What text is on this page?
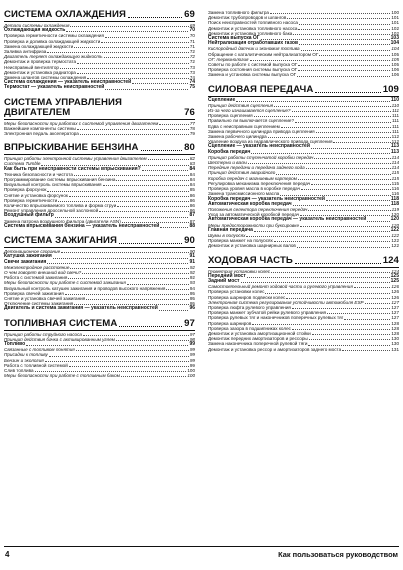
СИСТЕМА ОХЛАЖДЕНИЯ	69
Детали системы охлаждения	69
Охлаждающая жидкость	70
Проверка герметичности системы охлаждения	70
Проверка и доливка охлаждающей жидкости	71
Замена охлаждающей жидкости	71
Заливка антифриза	72
Двигатель теряет охлаждающую жидкость	72
Демонтаж и проверка термостата	72
Неисправный вентилятор	73
Демонтаж и установка радиатора	73
Замена шлангов системы охлаждения	74
Система охлаждения — указатель неисправностей	74
Термостат — указатель неисправностей	75
СИСТЕМА УПРАВЛЕНИЯ ДВИГАТЕЛЕМ	76
Меры безопасности при работах с системой управления двигателем	77
Важнейшие компоненты системы	78
Электронная педаль акселератора	79
ВПРЫСКИВАНИЕ БЕНЗИНА	80
Принцип работы электронной системы управления двигателем	82
Система Tumble	83
Как быть при неисправности системы впрыскивания?	84
Техника безопасности и чистота	84
Программирование системы впрыскивания бензина	84
Визуальный контроль системы впрыскивания	84
Проверка форсунок	85
Снятие и установка форсунок	86
Проверка герметичности	86
Количество впрыскиваемого топлива и форма струи	86
Ремонт управления дроссельной заслонкой	86
Воздушный фильтр	87
Замена патрона воздушного фильтра (двигатели ASN)	87
Система впрыскивания бензина — указатель неисправностей	88
СИСТЕМА ЗАЖИГАНИЯ	90
Детонационное сгорание	90
Катушка зажигания	91
Свечи зажигания	91
Межэлектродное расстояние	92
О чем говорят внешний вид свечи?	92
Работа с системой зажигания	92
Меры безопасности при работе с системой зажигания	93
Визуальный контроль катушек зажигания и проводов высокого напряжения	94
Проверка свечей зажигания	95
Снятие и установка свечей зажигания	95
Отключение системы зажигания	95
Двигатель и система зажигания — указатель неисправностей	96
ТОПЛИВНАЯ СИСТЕМА	97
Принцип работы струйного насоса	97
Принцип действия бачка с активированным углем	98
Топливо	99
Связанные с топливом понятия	99
Присадки к топливу	99
Бензин и экология	99
Работа с топливной системой	99
Слив топлива	100
Меры безопасности при работе с топливным баком	100
Замена топливного фильтра	100
Демонтаж трубопроводов и шлангов	101
Поиск неисправностей топливного насоса	101
Демонтаж и установка топливного насоса	102
Демонтаж и установка топливного бака	102
Система выпуска ОГ	103
Нейтрализация отработавших газов	104
Кислородный датчик и экономия топлива	104
Обращение с каталитическим нейтрализатором ОГ	105
ОГ: терминология	105
Советы по работе с системой выпуска ОГ	105
Проверка состояния системы выпуска ОГ	106
Замена и установка системы выпуска ОГ	106
СИЛОВАЯ ПЕРЕДАЧА	109
Сцепление	110
Принцип действия сцепления	110
Из-за чего изнашивается сцепление?	111
Проверка сцепления	111
Правильно ли выключается сцепление?	111
Едва с неисправным сцеплением	111
Замена первичного цилиндра привода сцепления	111
Замена рабочего цилиндра	112
Удаление воздуха из гидравлического привода сцепления	112
Сцепление — указатель неисправностей	113
Коробка передач	113
Принцип работы ступенчатой коробки передач	114
Шестерни и валы	114
Передние передачи и передача заднего хода	114
Принцип действия аварийного	115
Коробка передач с магниевым картером	115
Регулировка механизма переключения передач	115
Проверка уровня масла в коробке передач	116
Замена трансмиссионного масла	116
Коробка передач — указатель неисправностей	118
Автоматическая коробка передач	118
Положения селектора переключения передач	119
Уход за автоматической коробкой передач	120
Автоматическая коробка передач — указатель неисправностей	120
Меры предосторожности при буксировке	120
Главная передача	122
Шумы в полуосях	122
Проверка манжет на полуосях	122
Демонтаж и установка шарнирных валов	122
ХОДОВАЯ ЧАСТЬ	124
Геометрия установки колес	124
Передний мост	125
Задний мост	125
Самостоятельный ремонт ходовой части и рулевого управления	126
Проверка установки колес	126
Проверка шарниров подвески колес	126
Электронная система регулирования устойчивости автомобиля ESP	127
Проверка люфта рулевого управления	127
Проверка манжет зубчатой рейки рулевого управления	127
Проверка рулевых тяг и наконечников поперечных рулевых тяг	127
Проверка шарниров	128
Проверка зазора в подшипниках колес	128
Демонтаж и установка амортизационной стойки	128
Демонтаж передних амортизаторов и рессоры	130
Замена наконечника поперечной рулевой тяги	130
Демонтаж и установка рессор и амортизаторов заднего моста	131
4	Как пользоваться руководством
